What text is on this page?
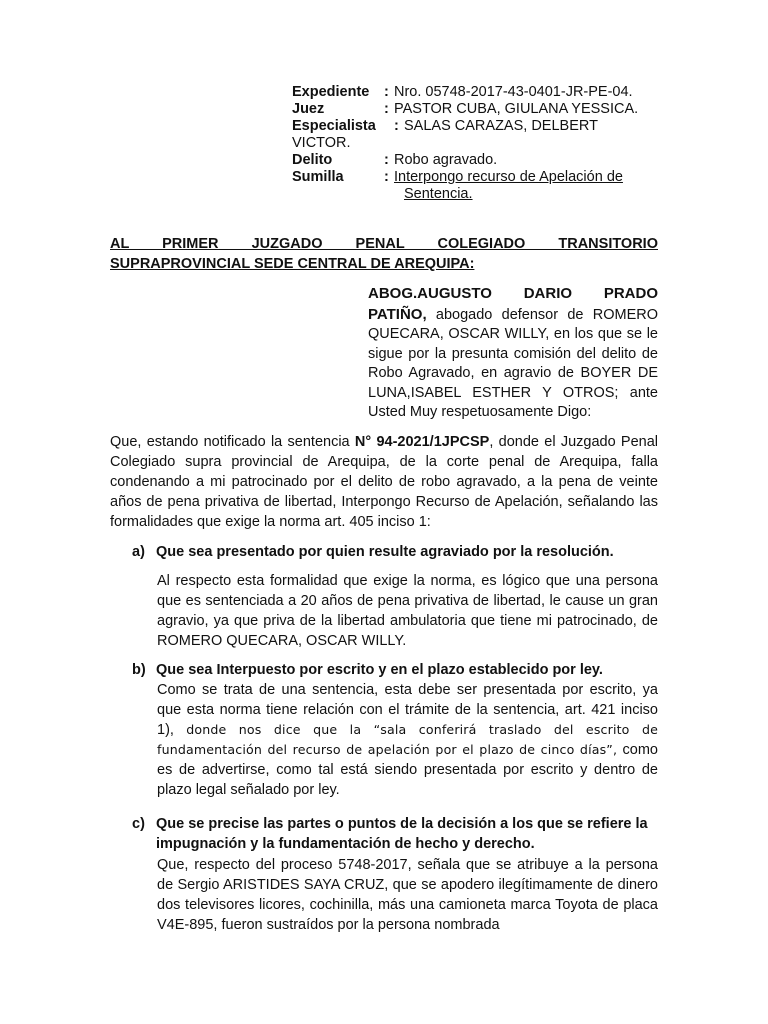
Expediente	: Nro. 05748-2017-43-0401-JR-PE-04.
Juez	: PASTOR CUBA, GIULANA YESSICA.
Especialista	: SALAS CARAZAS, DELBERT
VICTOR.
Delito	: Robo agravado.
Sumilla	: Interpongo recurso de Apelación de
Sentencia.
AL PRIMER JUZGADO PENAL COLEGIADO TRANSITORIO
SUPRAPROVINCIAL SEDE CENTRAL DE AREQUIPA:
ABOG.AUGUSTO DARIO PRADO PATIÑO, abogado defensor de ROMERO QUECARA, OSCAR WILLY, en los que se le sigue por la presunta comisión del delito de Robo Agravado, en agravio de BOYER DE LUNA,ISABEL ESTHER Y OTROS; ante Usted Muy respetuosamente Digo:
Que, estando notificado la sentencia N° 94-2021/1JPCSP, donde el Juzgado Penal Colegiado supra provincial de Arequipa, de la corte penal de Arequipa, falla condenando a mi patrocinado por el delito de robo agravado, a la pena de veinte años de pena privativa de libertad, Interpongo Recurso de Apelación, señalando las formalidades que exige la norma art. 405 inciso 1:
a) Que sea presentado por quien resulte agraviado por la resolución.
Al respecto esta formalidad que exige la norma, es lógico que una persona que es sentenciada a 20 años de pena privativa de libertad, le cause un gran agravio, ya que priva de la libertad ambulatoria que tiene mi patrocinado, de ROMERO QUECARA, OSCAR WILLY.
b) Que sea Interpuesto por escrito y en el plazo establecido por ley.
Como se trata de una sentencia, esta debe ser presentada por escrito, ya que esta norma tiene relación con el trámite de la sentencia, art. 421 inciso 1), donde nos dice que la “sala conferirá traslado del escrito de fundamentación del recurso de apelación por el plazo de cinco días”, como es de advertirse, como tal está siendo presentada por escrito y dentro de plazo legal señalado por ley.
c) Que se precise las partes o puntos de la decisión a los que se refiere la impugnación y la fundamentación de hecho y derecho.
Que, respecto del proceso 5748-2017, señala que se atribuye a la persona de Sergio ARISTIDES SAYA CRUZ, que se apodero ilegítimamente de dinero dos televisores licores, cochinilla, más una camioneta marca Toyota de placa V4E-895, fueron sustraídos por la persona nombrada
